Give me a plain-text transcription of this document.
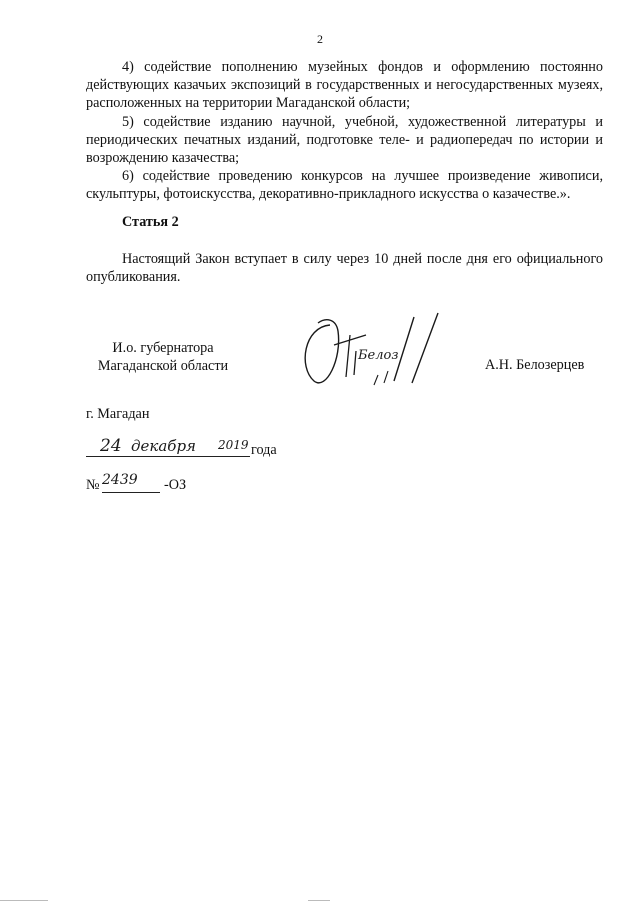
2

4) содействие пополнению музейных фондов и оформлению постоянно действующих казачьих экспозиций в государственных и негосударственных музеях, расположенных на территории Магаданской области;

5) содействие изданию научной, учебной, художественной литературы и периодических печатных изданий, подготовке теле- и радиопередач по истории и возрождению казачества;

6) содействие проведению конкурсов на лучшее произведение живописи, скульптуры, фотоискусства, декоративно-прикладного искусства о казачестве.».

Статья 2

Настоящий Закон вступает в силу через 10 дней после дня его официального опубликования.

И.о. губернатора
Магаданской области
Белоз
А.Н. Белозерцев
г. Магадан
24 декабря 2019 года
№ 2439 -ОЗ
